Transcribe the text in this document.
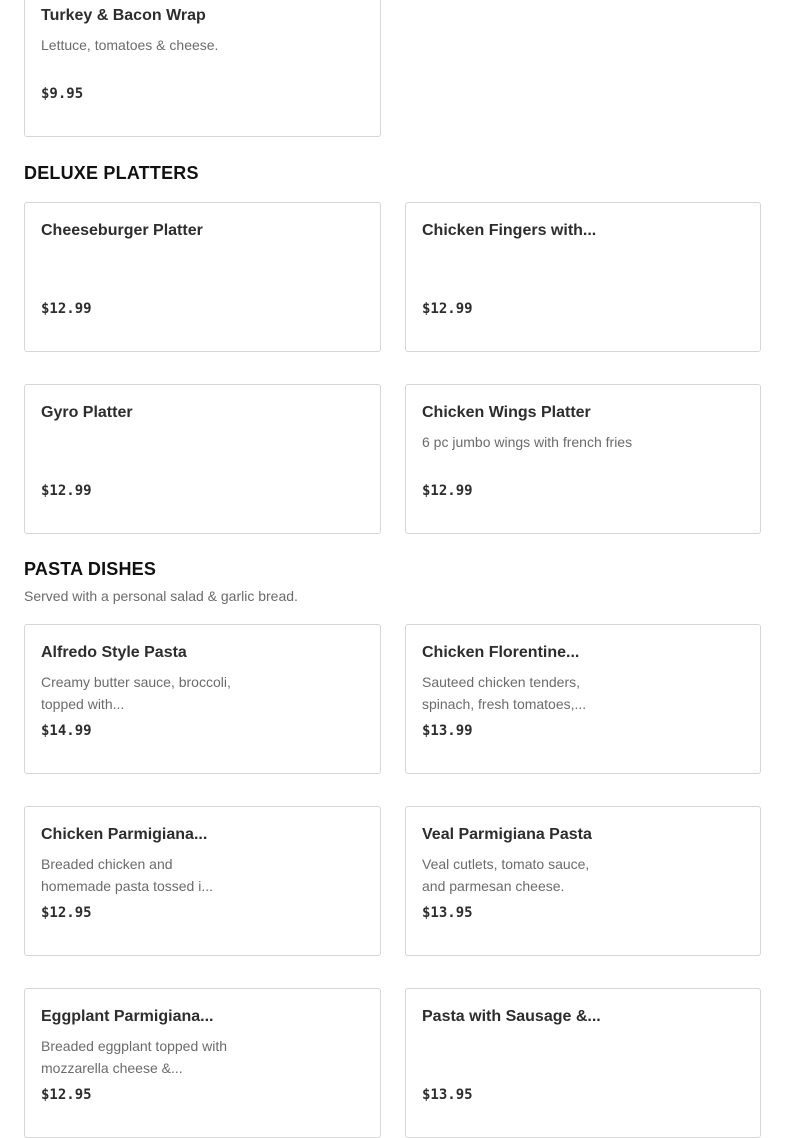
Turkey & Bacon Wrap
Lettuce, tomatoes & cheese.
$9.95
DELUXE PLATTERS
Cheeseburger Platter
$12.99
Chicken Fingers with...
$12.99
Gyro Platter
$12.99
Chicken Wings Platter
6 pc jumbo wings with french fries
$12.99
PASTA DISHES
Served with a personal salad & garlic bread.
Alfredo Style Pasta
Creamy butter sauce, broccoli, topped with...
$14.99
Chicken Florentine...
Sauteed chicken tenders, spinach, fresh tomatoes,...
$13.99
Chicken Parmigiana...
Breaded chicken and homemade pasta tossed i...
$12.95
Veal Parmigiana Pasta
Veal cutlets, tomato sauce, and parmesan cheese.
$13.95
Eggplant Parmigiana...
Breaded eggplant topped with mozzarella cheese &...
$12.95
Pasta with Sausage &...
$13.95
